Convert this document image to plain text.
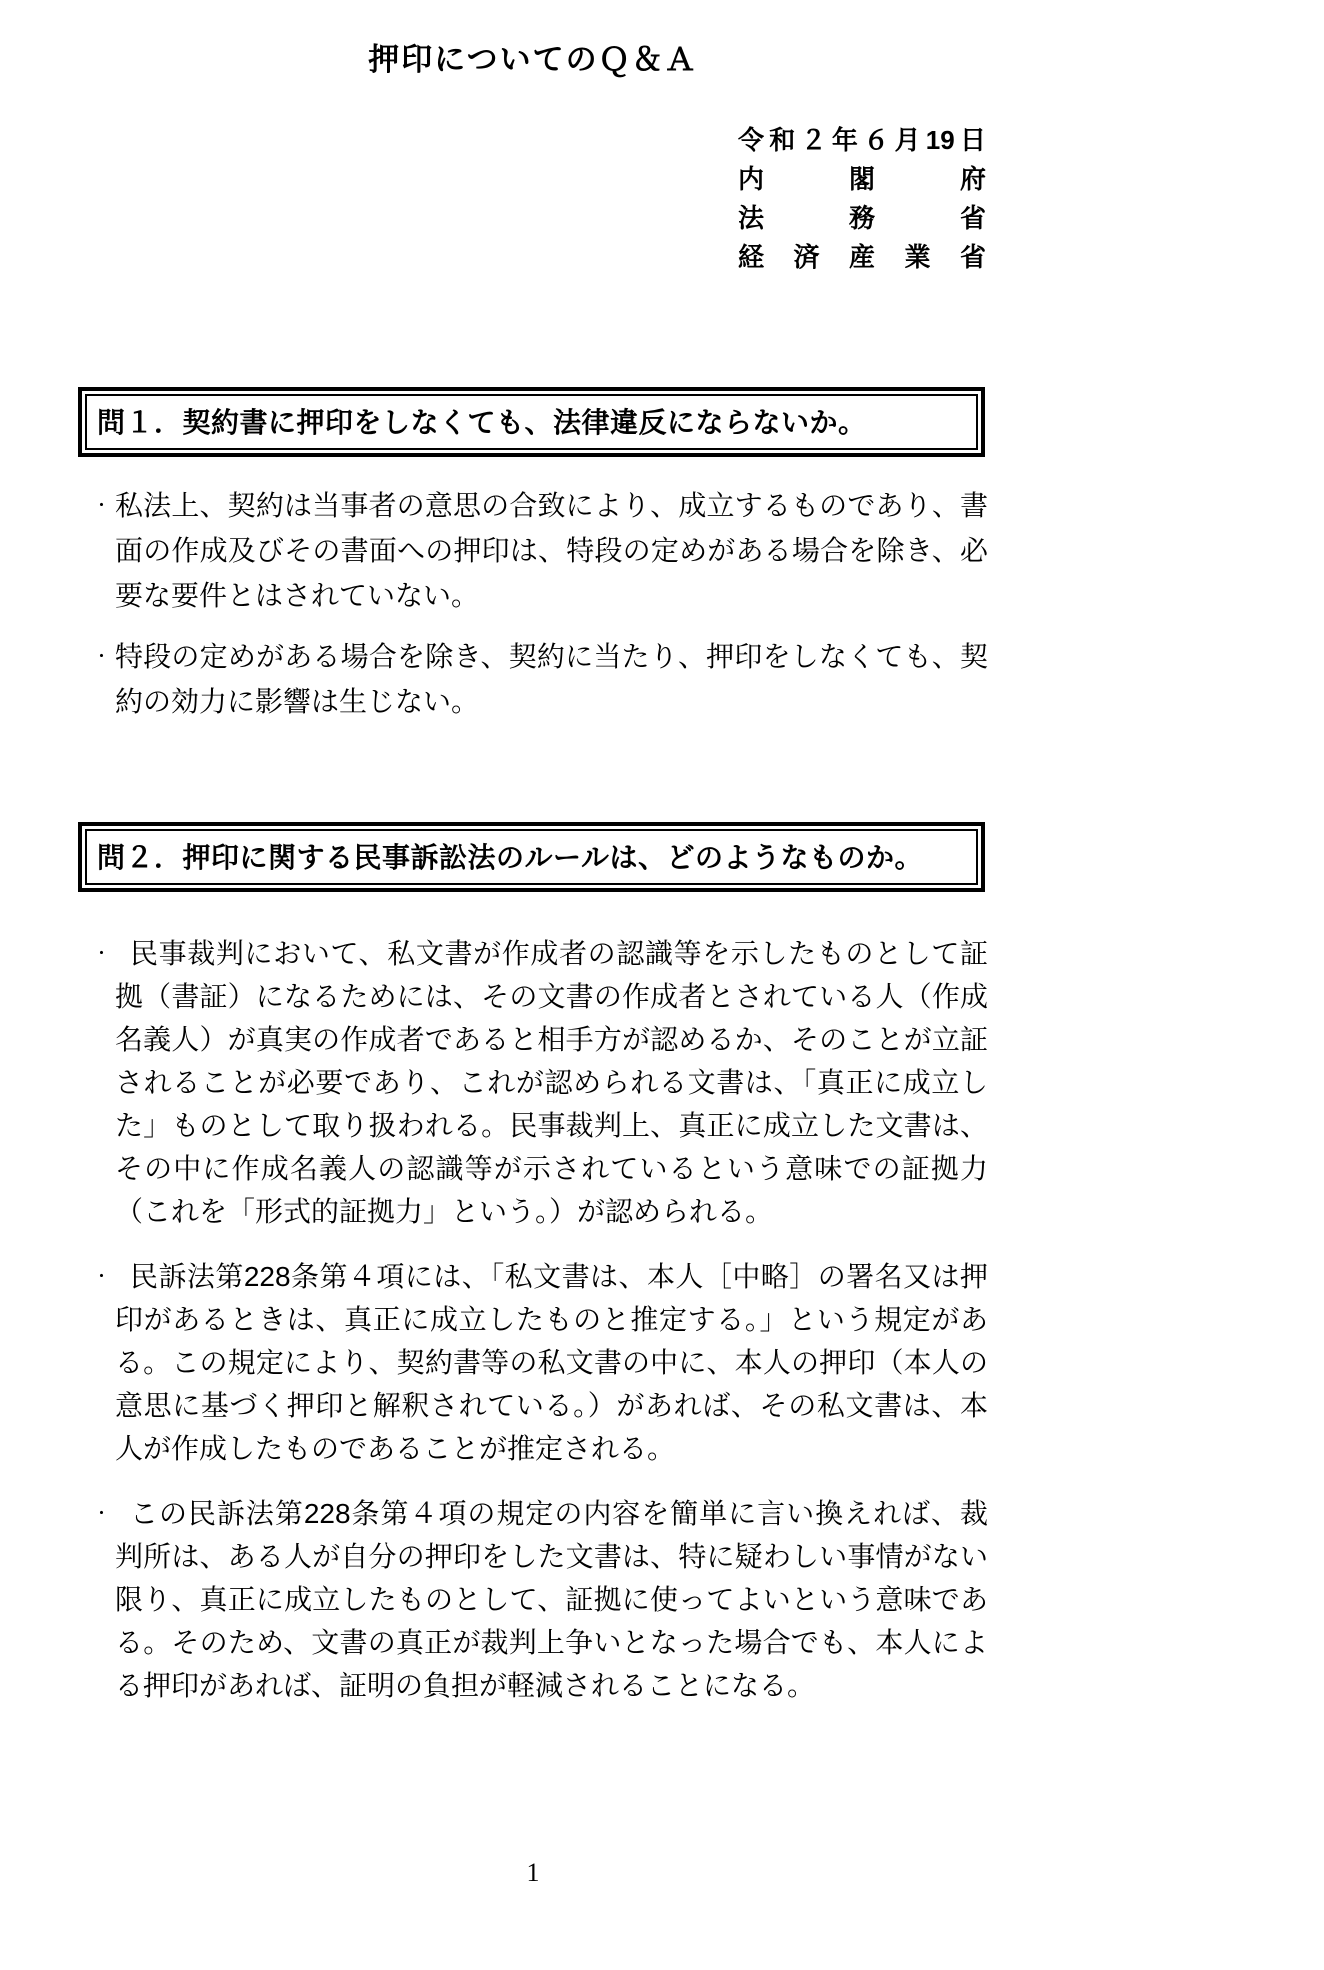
押印についてのＱ＆Ａ
令和２年６月19日
内閣府
法務省
経済産業省
問１．契約書に押印をしなくても、法律違反にならないか。
・ 私法上、契約は当事者の意思の合致により、成立するものであり、書面の作成及びその書面への押印は、特段の定めがある場合を除き、必要な要件とはされていない。

・ 特段の定めがある場合を除き、契約に当たり、押印をしなくても、契約の効力に影響は生じない。

問２．押印に関する民事訴訟法のルールは、どのようなものか。
・ 民事裁判において、私文書が作成者の認識等を示したものとして証拠（書証）になるためには、その文書の作成者とされている人（作成名義人）が真実の作成者であると相手方が認めるか、そのことが立証されることが必要であり、これが認められる文書は、「真正に成立した」ものとして取り扱われる。民事裁判上、真正に成立した文書は、その中に作成名義人の認識等が示されているという意味での証拠力（これを「形式的証拠力」という。）が認められる。

・ 民訴法第228条第４項には、「私文書は、本人［中略］の署名又は押印があるときは、真正に成立したものと推定する。」という規定がある。この規定により、契約書等の私文書の中に、本人の押印（本人の意思に基づく押印と解釈されている。）があれば、その私文書は、本人が作成したものであることが推定される。

・ この民訴法第228条第４項の規定の内容を簡単に言い換えれば、裁判所は、ある人が自分の押印をした文書は、特に疑わしい事情がない限り、真正に成立したものとして、証拠に使ってよいという意味である。そのため、文書の真正が裁判上争いとなった場合でも、本人による押印があれば、証明の負担が軽減されることになる。

1
